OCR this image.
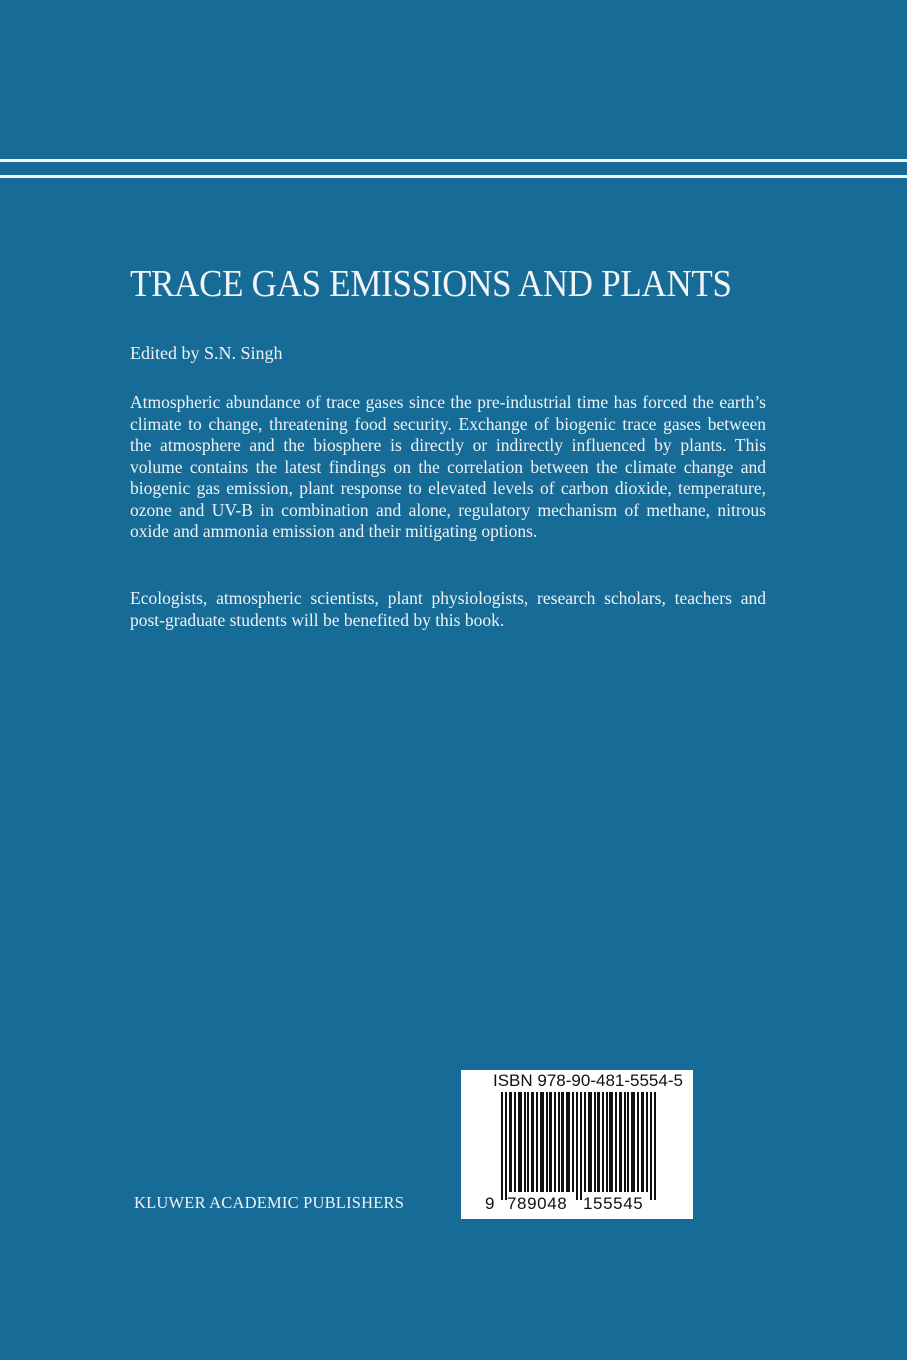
TRACE GAS EMISSIONS AND PLANTS
Edited by S.N. Singh

Atmospheric abundance of trace gases since the pre-industrial time has forced the earth’s climate to change, threatening food security. Exchange of biogenic trace gases between the atmosphere and the biosphere is directly or indirectly influenced by plants. This volume contains the latest findings on the correlation between the climate change and biogenic gas emission, plant response to elevated levels of carbon dioxide, temperature, ozone and UV-B in combination and alone, regulatory mechanism of methane, nitrous oxide and ammonia emission and their mitigating options.

Ecologists, atmospheric scientists, plant physiologists, research scholars, teachers and post-graduate students will be benefited by this book.

KLUWER ACADEMIC PUBLISHERS
ISBN 978-90-481-5554-5
9 789048 155545
